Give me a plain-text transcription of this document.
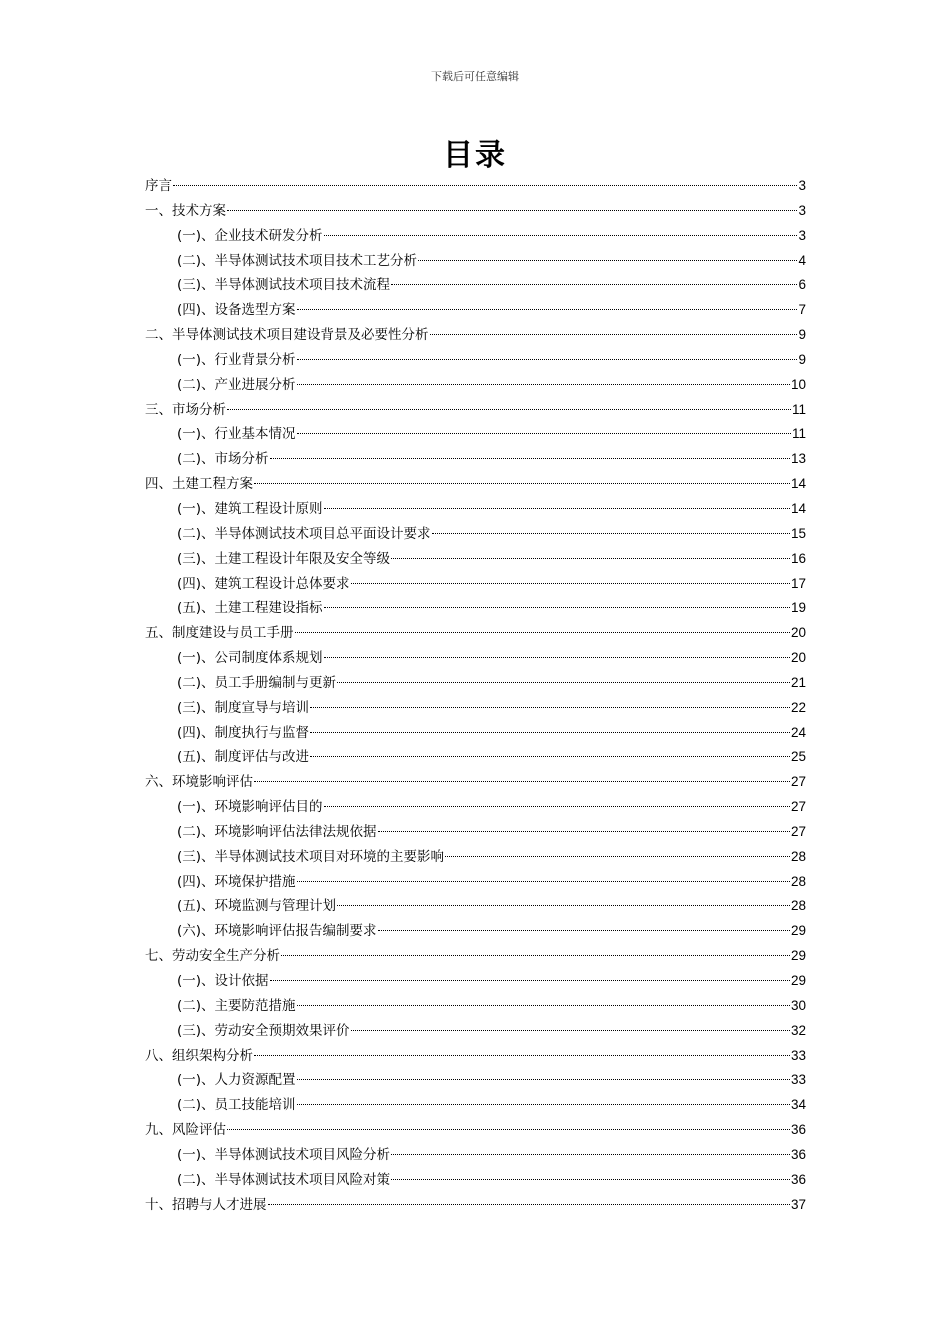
下载后可任意编辑
目录
序言	3
一、技术方案	3
(一)、企业技术研发分析	3
(二)、半导体测试技术项目技术工艺分析	4
(三)、半导体测试技术项目技术流程	6
(四)、设备选型方案	7
二、半导体测试技术项目建设背景及必要性分析	9
(一)、行业背景分析	9
(二)、产业进展分析	10
三、市场分析	11
(一)、行业基本情况	11
(二)、市场分析	13
四、土建工程方案	14
(一)、建筑工程设计原则	14
(二)、半导体测试技术项目总平面设计要求	15
(三)、土建工程设计年限及安全等级	16
(四)、建筑工程设计总体要求	17
(五)、土建工程建设指标	19
五、制度建设与员工手册	20
(一)、公司制度体系规划	20
(二)、员工手册编制与更新	21
(三)、制度宣导与培训	22
(四)、制度执行与监督	24
(五)、制度评估与改进	25
六、环境影响评估	27
(一)、环境影响评估目的	27
(二)、环境影响评估法律法规依据	27
(三)、半导体测试技术项目对环境的主要影响	28
(四)、环境保护措施	28
(五)、环境监测与管理计划	28
(六)、环境影响评估报告编制要求	29
七、劳动安全生产分析	29
(一)、设计依据	29
(二)、主要防范措施	30
(三)、劳动安全预期效果评价	32
八、组织架构分析	33
(一)、人力资源配置	33
(二)、员工技能培训	34
九、风险评估	36
(一)、半导体测试技术项目风险分析	36
(二)、半导体测试技术项目风险对策	36
十、招聘与人才进展	37
